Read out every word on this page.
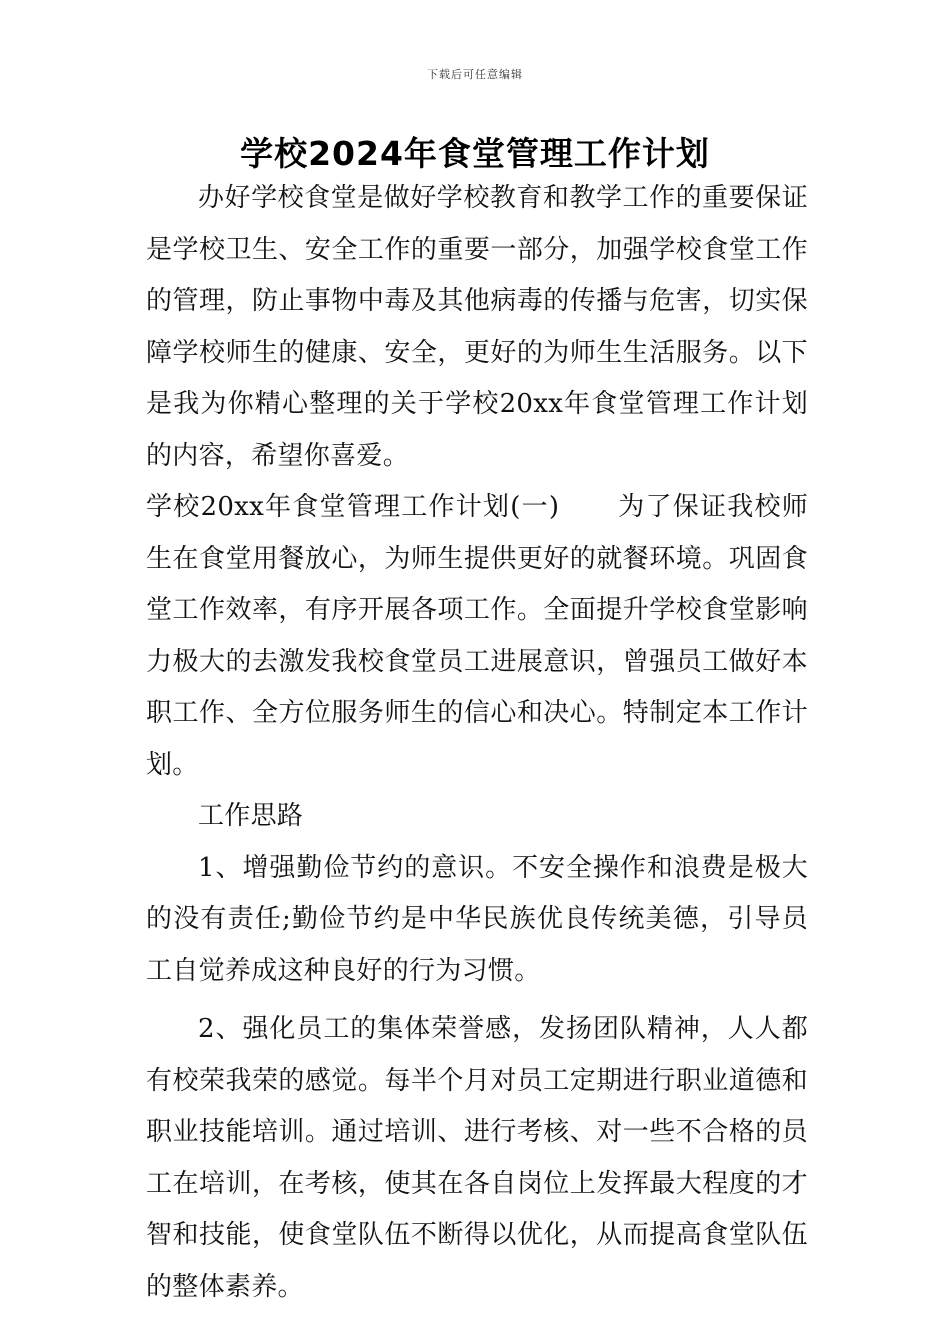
下载后可任意编辑
学校2024年食堂管理工作计划

办好学校食堂是做好学校教育和教学工作的重要保证是学校卫生、安全工作的重要一部分，加强学校食堂工作的管理，防止事物中毒及其他病毒的传播与危害，切实保障学校师生的健康、安全，更好的为师生生活服务。以下是我为你精心整理的关于学校20xx年食堂管理工作计划的内容，希望你喜爱。

学校20xx年食堂管理工作计划(一) 为了保证我校师生在食堂用餐放心，为师生提供更好的就餐环境。巩固食堂工作效率，有序开展各项工作。全面提升学校食堂影响力极大的去激发我校食堂员工进展意识，曾强员工做好本职工作、全方位服务师生的信心和决心。特制定本工作计划。

工作思路

1、增强勤俭节约的意识。不安全操作和浪费是极大的没有责任;勤俭节约是中华民族优良传统美德，引导员工自觉养成这种良好的行为习惯。

2、强化员工的集体荣誉感，发扬团队精神，人人都有校荣我荣的感觉。每半个月对员工定期进行职业道德和职业技能培训。通过培训、进行考核、对一些不合格的员工在培训，在考核，使其在各自岗位上发挥最大程度的才智和技能，使食堂队伍不断得以优化，从而提高食堂队伍的整体素养。
